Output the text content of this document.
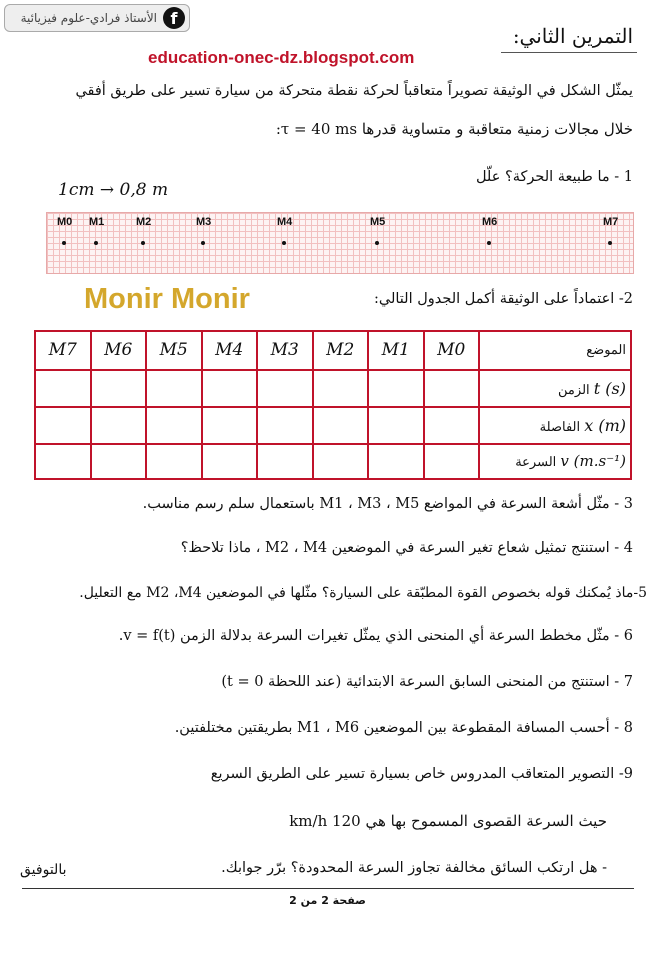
الأستاذ فرادي-علوم فيزيائية f
التمرين الثاني:
education-onec-dz.blogspot.com
يمثّل الشكل في الوثيقة تصويراً متعاقباً لحركة نقطة متحركة من سيارة تسير على طريق أفقي
خلال مجالات زمنية متعاقبة و متساوية قدرها τ = 40 ms:
1 - ما طبيعة الحركة؟ علّل
1cm → 0,8 m
M0 M1	M2	M3	M4	M5	M6	M7
Monir Monir	2- اعتماداً على الوثيقة أكمل الجدول التالي:
الموضع	M0	M1	M2	M3	M4	M5	M6	M7
t (s) الزمن								
x (m) الفاصلة								
v (m.s⁻¹) السرعة								
3 - مثّل أشعة السرعة في المواضع M1 ، M3 ، M5 باستعمال سلم رسم مناسب.
4 - استنتج تمثيل شعاع تغير السرعة في الموضعين M2 ، M4 ، ماذا تلاحظ؟
5-ماذ يُمكنك قوله بخصوص القوة المطبّقة على السيارة؟ مثّلها في الموضعين M2 ،M4 مع التعليل.
6 - مثّل مخطط السرعة أي المنحنى الذي يمثّل تغيرات السرعة بدلالة الزمن v = f(t).
7 - استنتج من المنحنى السابق السرعة الابتدائية (عند اللحظة t = 0)
8 - أحسب المسافة المقطوعة بين الموضعين M1 ، M6 بطريقتين مختلفتين.
9- التصوير المتعاقب المدروس خاص بسيارة تسير على الطريق السريع
حيث السرعة القصوى المسموح بها هي 120 km/h
- هل ارتكب السائق مخالفة تجاوز السرعة المحدودة؟ برّر جوابك.
بالتوفيق
صفحة 2 من 2
